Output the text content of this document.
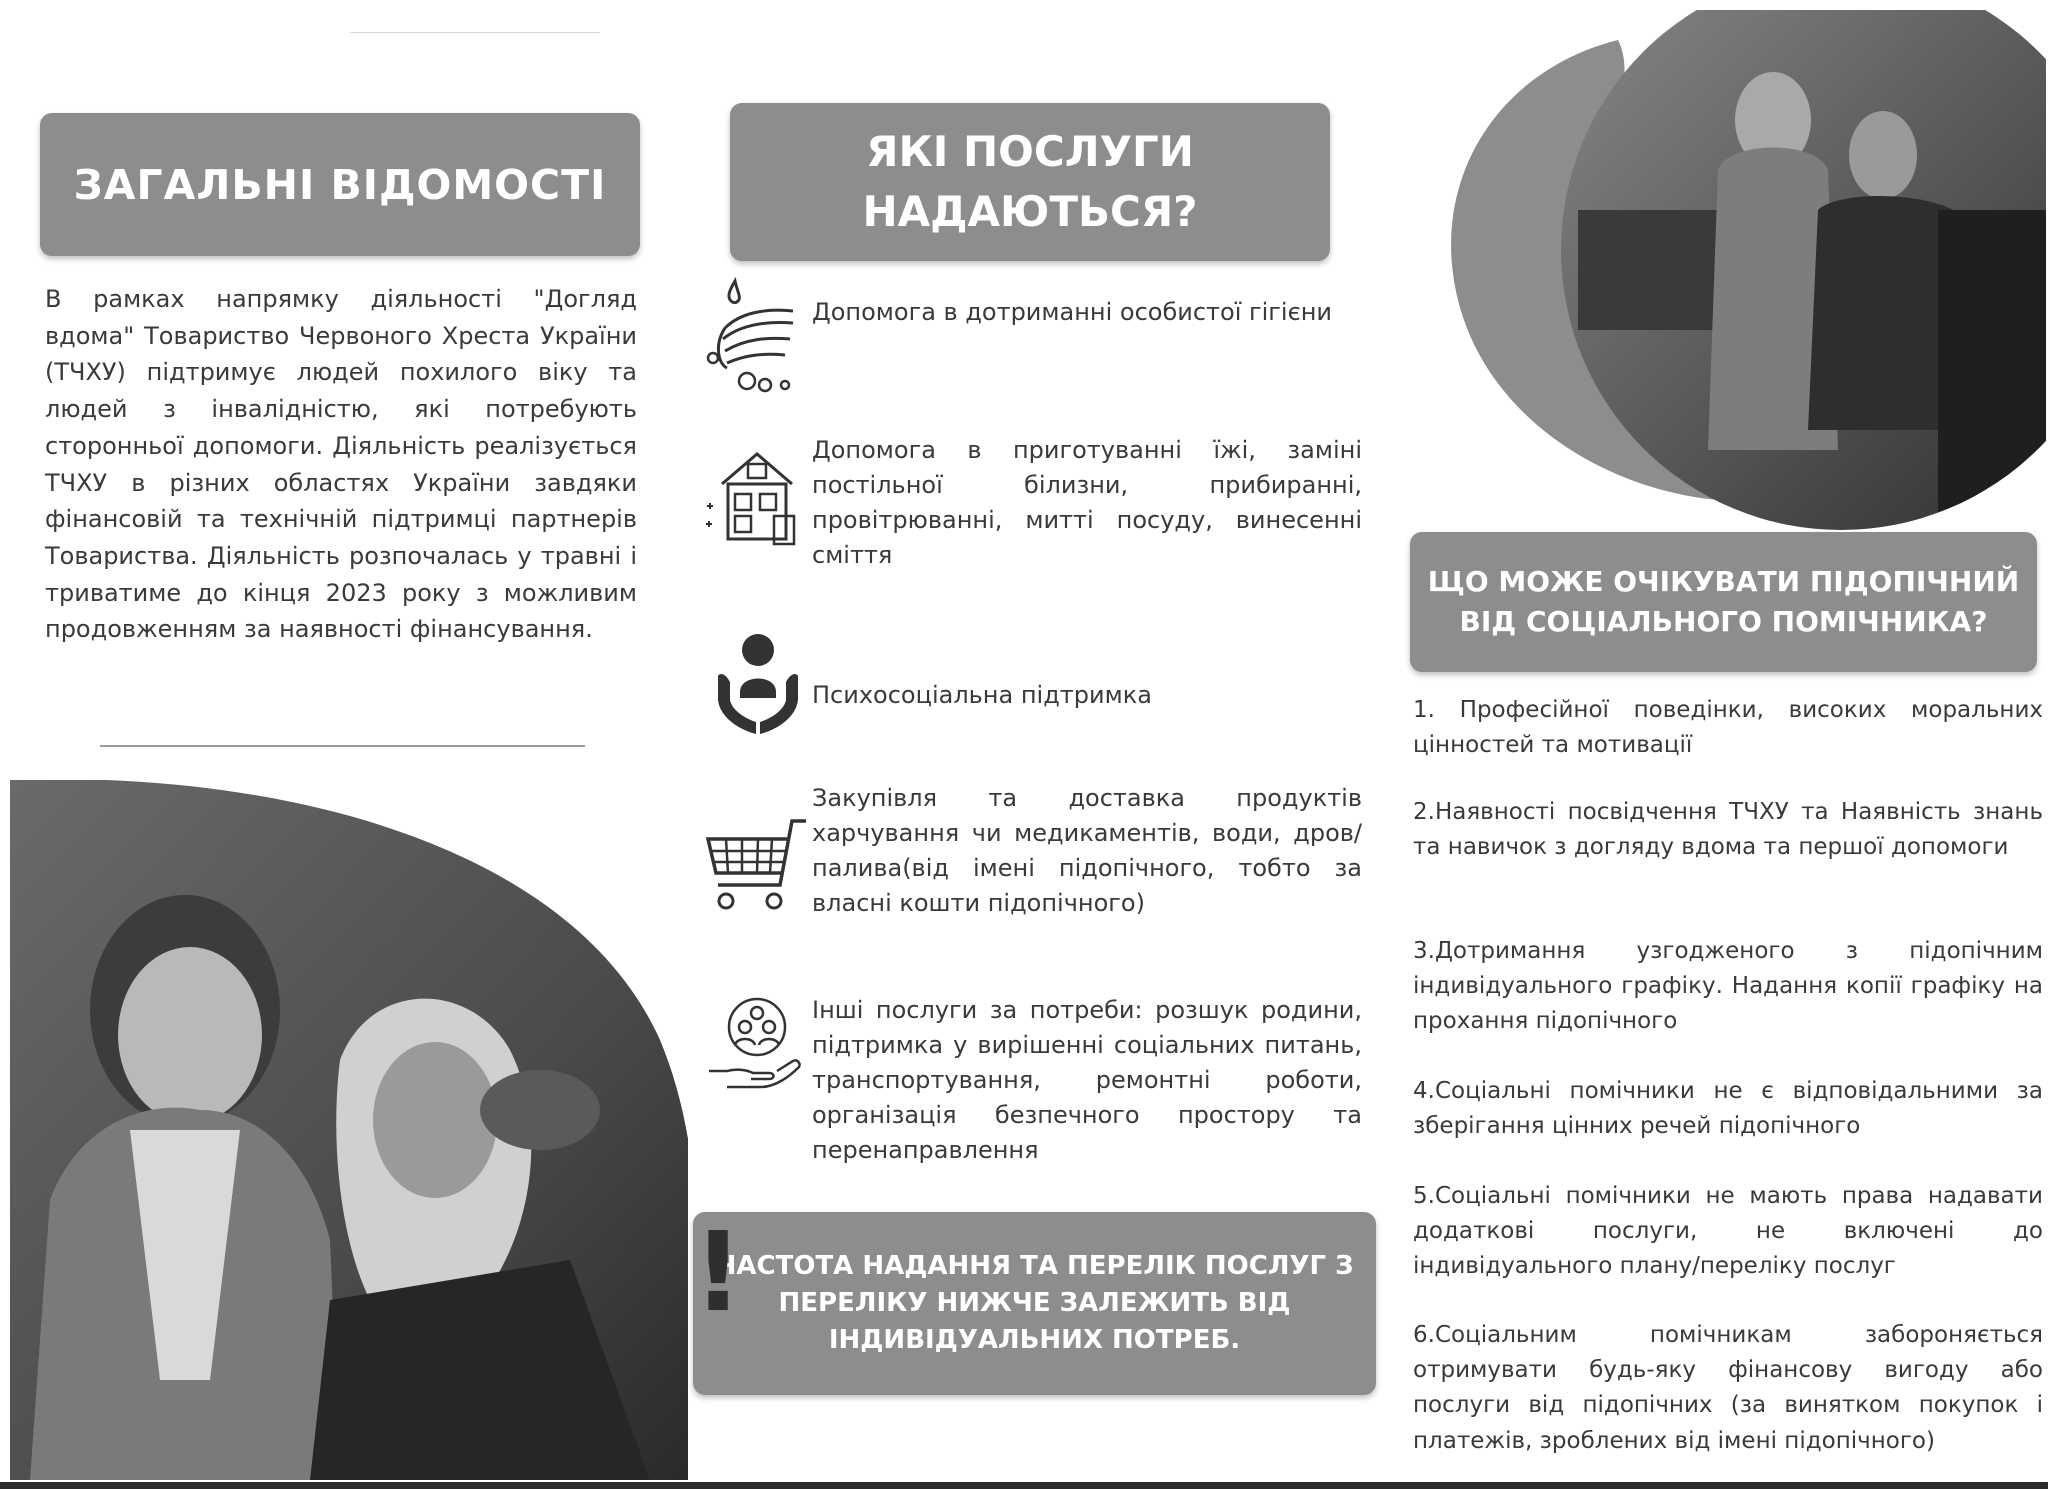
ЗАГАЛЬНІ ВІДОМОСТІ
В рамках напрямку діяльності "Догляд вдома" Товариство Червоного Хреста України (ТЧХУ) підтримує людей похилого віку та людей з інвалідністю, які потребують сторонньої допомоги. Діяльність реалізується ТЧХУ в різних областях України завдяки фінансовій та технічній підтримці партнерів Товариства. Діяльність розпочалась у травні і триватиме до кінця 2023 року з можливим продовженням за наявності фінансування.
ЯКІ ПОСЛУГИ
НАДАЮТЬСЯ?
Допомога в дотриманні особистої гігієни
Допомога в приготуванні їжі, заміні постільної білизни, прибиранні, провітрюванні, митті посуду, винесенні сміття
Психосоціальна підтримка
Закупівля та доставка продуктів харчування чи медикаментів, води, дров/ палива(від імені підопічного, тобто за власні кошти підопічного)
Інші послуги за потреби: розшук родини, підтримка у вирішенні соціальних питань, транспортування, ремонтні роботи, організація безпечного простору та перенаправлення
ЧАСТОТА НАДАННЯ ТА ПЕРЕЛІК ПОСЛУГ З
ПЕРЕЛІКУ НИЖЧЕ ЗАЛЕЖИТЬ ВІД
ІНДИВІДУАЛЬНИХ ПОТРЕБ.
!
ЩО МОЖЕ ОЧІКУВАТИ ПІДОПІЧНИЙ
ВІД СОЦІАЛЬНОГО ПОМІЧНИКА?
1. Професійної поведінки, високих моральних цінностей та мотивації
2.Наявності посвідчення ТЧХУ та Наявність знань та навичок з догляду вдома та першої допомоги
3.Дотримання узгодженого з підопічним індивідуального графіку. Надання копії графіку на прохання підопічного
4.Соціальні помічники не є відповідальними за зберігання цінних речей підопічного
5.Соціальні помічники не мають права надавати додаткові послуги, не включені до індивідуального плану/переліку послуг
6.Соціальним помічникам забороняється отримувати будь-яку фінансову вигоду або послуги від підопічних (за винятком покупок і платежів, зроблених від імені підопічного)
